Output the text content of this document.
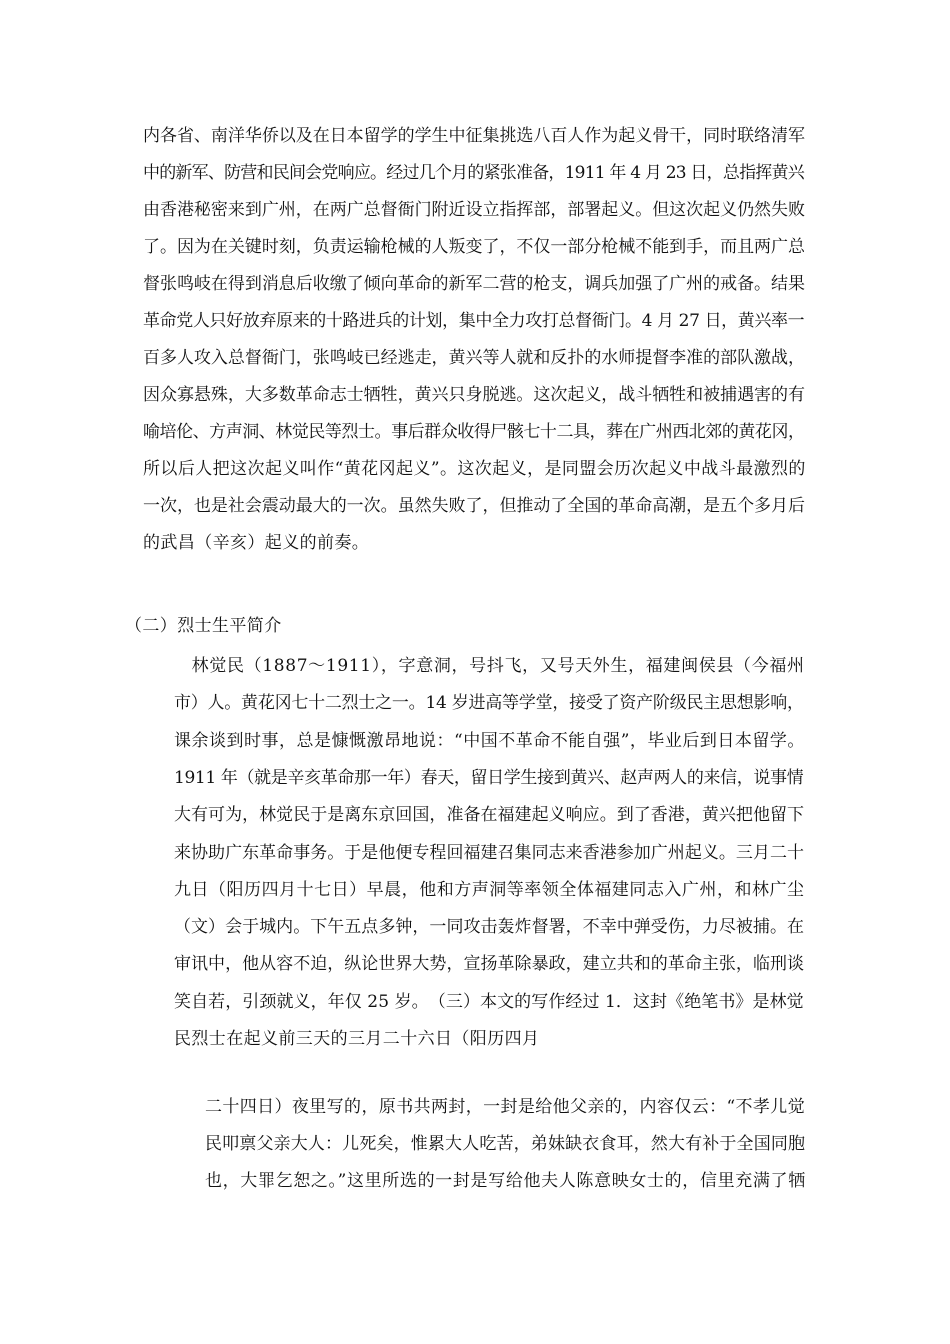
内各省、南洋华侨以及在日本留学的学生中征集挑选八百人作为起义骨干，同时联络清军
中的新军、防营和民间会党响应。经过几个月的紧张准备，1911 年 4 月 23 日，总指挥黄兴
由香港秘密来到广州，在两广总督衙门附近设立指挥部，部署起义。但这次起义仍然失败
了。因为在关键时刻，负责运输枪械的人叛变了，不仅一部分枪械不能到手，而且两广总
督张鸣岐在得到消息后收缴了倾向革命的新军二营的枪支，调兵加强了广州的戒备。结果
革命党人只好放弃原来的十路进兵的计划，集中全力攻打总督衙门。4 月 27 日，黄兴率一
百多人攻入总督衙门，张鸣岐已经逃走，黄兴等人就和反扑的水师提督李准的部队激战，
因众寡悬殊，大多数革命志士牺牲，黄兴只身脱逃。这次起义，战斗牺牲和被捕遇害的有
喻培伦、方声洞、林觉民等烈士。事后群众收得尸骸七十二具，葬在广州西北郊的黄花冈，
所以后人把这次起义叫作“黄花冈起义”。这次起义，是同盟会历次起义中战斗最激烈的
一次，也是社会震动最大的一次。虽然失败了，但推动了全国的革命高潮，是五个多月后
的武昌（辛亥）起义的前奏。
（二）烈士生平简介
　林觉民（1887～1911），字意洞，号抖飞，又号天外生，福建闽侯县（今福州
市）人。黄花冈七十二烈士之一。14 岁进高等学堂，接受了资产阶级民主思想影响，
课余谈到时事，总是慷慨激昂地说：“中国不革命不能自强”，毕业后到日本留学。
1911 年（就是辛亥革命那一年）春天，留日学生接到黄兴、赵声两人的来信，说事情
大有可为，林觉民于是离东京回国，准备在福建起义响应。到了香港，黄兴把他留下
来协助广东革命事务。于是他便专程回福建召集同志来香港参加广州起义。三月二十
九日（阳历四月十七日）早晨，他和方声洞等率领全体福建同志入广州，和林广尘
（文）会于城内。下午五点多钟，一同攻击轰炸督署，不幸中弹受伤，力尽被捕。在
审讯中，他从容不迫，纵论世界大势，宣扬革除暴政，建立共和的革命主张，临刑谈
笑自若，引颈就义，年仅 25 岁。　（三）本文的写作经过 1．这封《绝笔书》是林觉
民烈士在起义前三天的三月二十六日（阳历四月
二十四日）夜里写的，原书共两封，一封是给他父亲的，内容仅云：“不孝儿觉
民叩禀父亲大人：儿死矣，惟累大人吃苦，弟妹缺衣食耳，然大有补于全国同胞
也，大罪乞恕之。”这里所选的一封是写给他夫人陈意映女士的，信里充满了牺
